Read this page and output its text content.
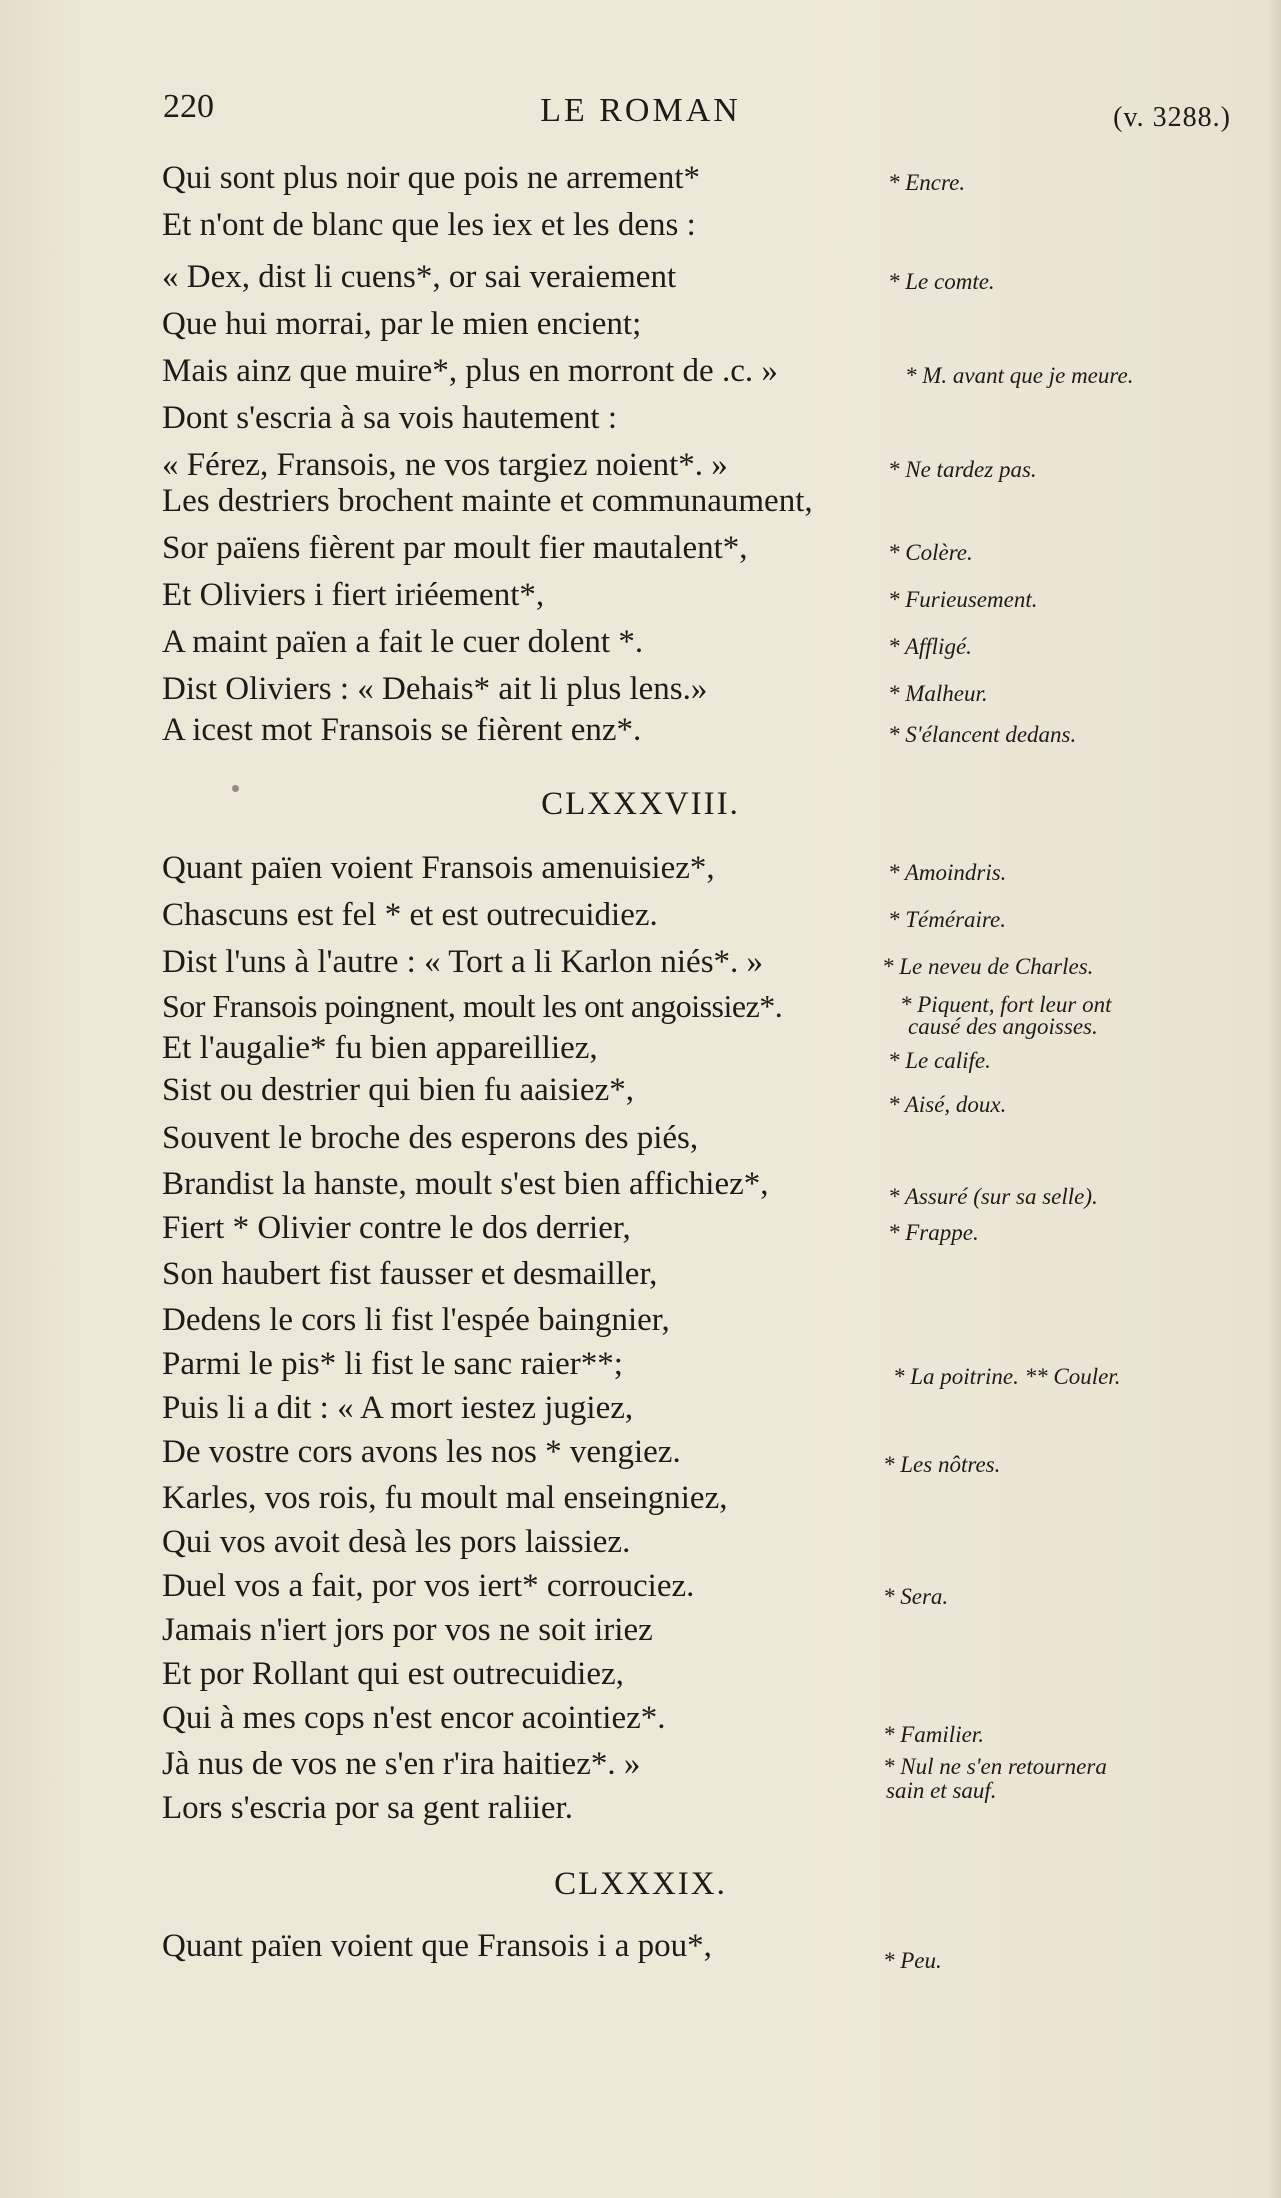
220	LE ROMAN	(v. 3288.)
Qui sont plus noir que pois ne arrement*	* Encre.
Et n'ont de blanc que les iex et les dens :
« Dex, dist li cuens*, or sai veraiement	* Le comte.
Que hui morrai, par le mien encient;
Mais ainz que muire*, plus en morront de .c. »	* M. avant que je meure.
Dont s'escria à sa vois hautement :
« Férez, Fransois, ne vos targiez noient*. »	* Ne tardez pas.
Les destriers brochent mainte et communaument,
Sor païens fièrent par moult fier mautalent*,	* Colère.
Et Oliviers i fiert iriéement*,	* Furieusement.
A maint païen a fait le cuer dolent *.	* Affligé.
Dist Oliviers : « Dehais* ait li plus lens.»	* Malheur.
A icest mot Fransois se fièrent enz*.	* S'élancent dedans.
CLXXXVIII.
Quant païen voient Fransois amenuisiez*,	* Amoindris.
Chascuns est fel * et est outrecuidiez.	* Téméraire.
Dist l'uns à l'autre : « Tort a li Karlon niés*. »	* Le neveu de Charles.
Sor Fransois poingnent, moult les ont angoissiez*.	* Piquent, fort leur ont
causé des angoisses.
Et l'augalie* fu bien appareilliez,	* Le calife.
Sist ou destrier qui bien fu aaisiez*,	* Aisé, doux.
Souvent le broche des esperons des piés,
Brandist la hanste, moult s'est bien affichiez*,	* Assuré (sur sa selle).
Fiert * Olivier contre le dos derrier,	* Frappe.
Son haubert fist fausser et desmailler,
Dedens le cors li fist l'espée baingnier,
Parmi le pis* li fist le sanc raier**;	* La poitrine. ** Couler.
Puis li a dit : « A mort iestez jugiez,
De vostre cors avons les nos * vengiez.	* Les nôtres.
Karles, vos rois, fu moult mal enseingniez,
Qui vos avoit desà les pors laissiez.
Duel vos a fait, por vos iert* corrouciez.	* Sera.
Jamais n'iert jors por vos ne soit iriez
Et por Rollant qui est outrecuidiez,
Qui à mes cops n'est encor acointiez*.	* Familier.
Jà nus de vos ne s'en r'ira haitiez*. »	* Nul ne s'en retournera
sain et sauf.
Lors s'escria por sa gent raliier.
CLXXXIX.
Quant païen voient que Fransois i a pou*,	* Peu.
